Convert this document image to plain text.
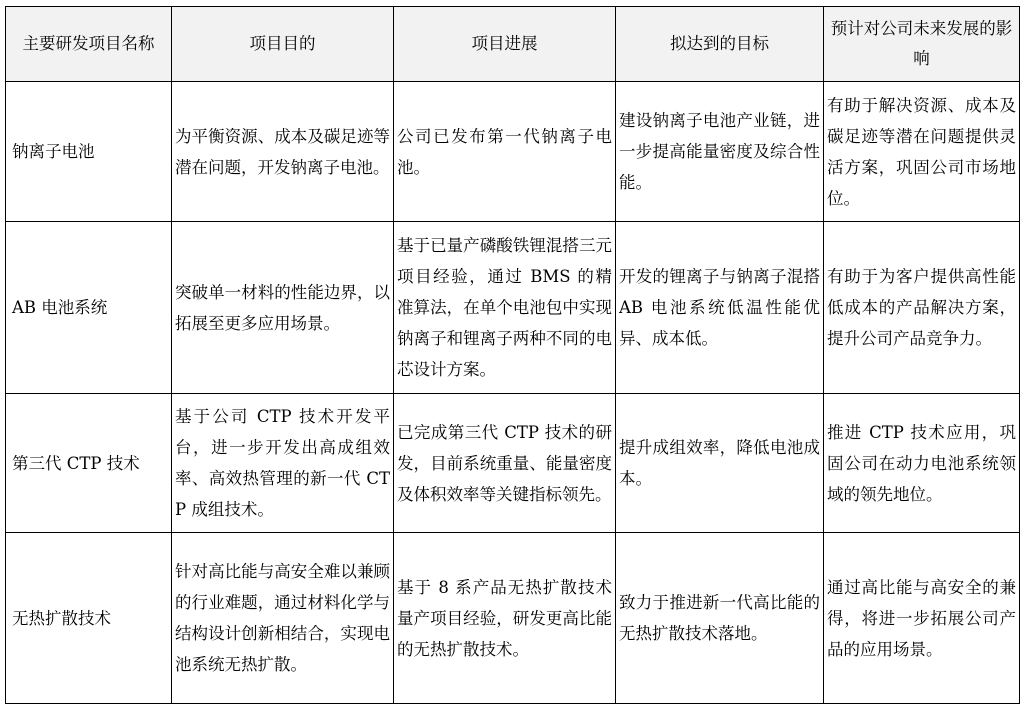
主要研发项目名称	项目目的	项目进展	拟达到的目标	预计对公司未来发展的影响
钠离子电池	为平衡资源、成本及碳足迹等潜在问题，开发钠离子电池。	公司已发布第一代钠离子电池。	建设钠离子电池产业链，进一步提高能量密度及综合性能。	有助于解决资源、成本及碳足迹等潜在问题提供灵活方案，巩固公司市场地位。
AB 电池系统	突破单一材料的性能边界，以拓展至更多应用场景。	基于已量产磷酸铁锂混搭三元项目经验，通过 BMS 的精准算法，在单个电池包中实现钠离子和锂离子两种不同的电芯设计方案。	开发的锂离子与钠离子混搭 AB 电池系统低温性能优异、成本低。	有助于为客户提供高性能低成本的产品解决方案，提升公司产品竞争力。
第三代 CTP 技术	基于公司 CTP 技术开发平台，进一步开发出高成组效率、高效热管理的新一代 CTP 成组技术。	已完成第三代 CTP 技术的研发，目前系统重量、能量密度及体积效率等关键指标领先。	提升成组效率，降低电池成本。	推进 CTP 技术应用，巩固公司在动力电池系统领域的领先地位。
无热扩散技术	针对高比能与高安全难以兼顾的行业难题，通过材料化学与结构设计创新相结合，实现电池系统无热扩散。	基于 8 系产品无热扩散技术量产项目经验，研发更高比能的无热扩散技术。	致力于推进新一代高比能的无热扩散技术落地。	通过高比能与高安全的兼得，将进一步拓展公司产品的应用场景。
